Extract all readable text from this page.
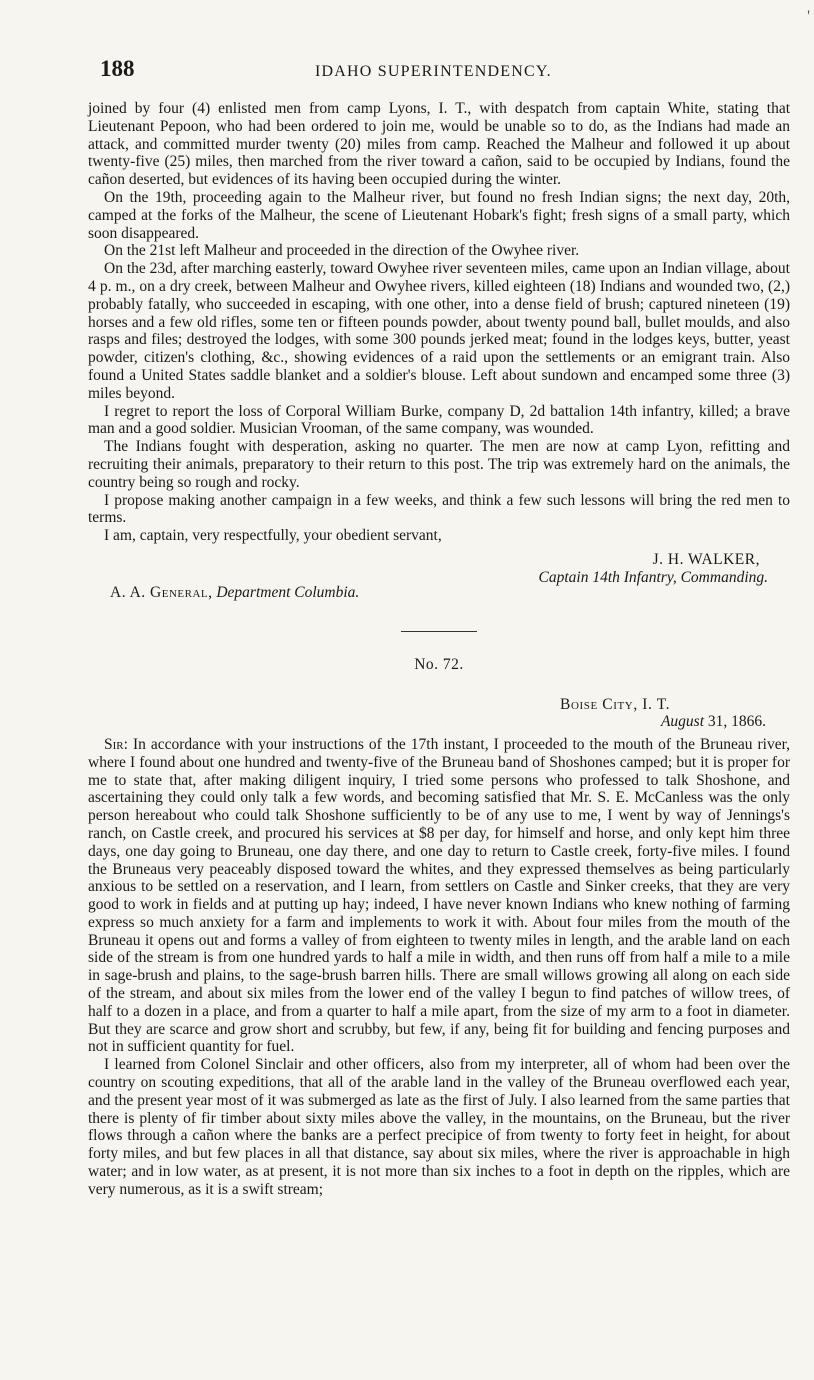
188	IDAHO SUPERINTENDENCY.
'

joined by four (4) enlisted men from camp Lyons, I. T., with despatch from captain White, stating that Lieutenant Pepoon, who had been ordered to join me, would be unable so to do, as the Indians had made an attack, and committed murder twenty (20) miles from camp. Reached the Malheur and followed it up about twenty-five (25) miles, then marched from the river toward a cañon, said to be occupied by Indians, found the cañon deserted, but evidences of its having been occupied during the winter.

On the 19th, proceeding again to the Malheur river, but found no fresh Indian signs; the next day, 20th, camped at the forks of the Malheur, the scene of Lieutenant Hobark's fight; fresh signs of a small party, which soon disappeared.

On the 21st left Malheur and proceeded in the direction of the Owyhee river.

On the 23d, after marching easterly, toward Owyhee river seventeen miles, came upon an Indian village, about 4 p. m., on a dry creek, between Malheur and Owyhee rivers, killed eighteen (18) Indians and wounded two, (2,) probably fatally, who succeeded in escaping, with one other, into a dense field of brush; captured nineteen (19) horses and a few old rifles, some ten or fifteen pounds powder, about twenty pound ball, bullet moulds, and also rasps and files; destroyed the lodges, with some 300 pounds jerked meat; found in the lodges keys, butter, yeast powder, citizen's clothing, &c., showing evidences of a raid upon the settlements or an emigrant train. Also found a United States saddle blanket and a soldier's blouse. Left about sundown and encamped some three (3) miles beyond.

I regret to report the loss of Corporal William Burke, company D, 2d battalion 14th infantry, killed; a brave man and a good soldier. Musician Vrooman, of the same company, was wounded.

The Indians fought with desperation, asking no quarter. The men are now at camp Lyon, refitting and recruiting their animals, preparatory to their return to this post. The trip was extremely hard on the animals, the country being so rough and rocky.

I propose making another campaign in a few weeks, and think a few such lessons will bring the red men to terms.

I am, captain, very respectfully, your obedient servant,

J. H. WALKER,
Captain 14th Infantry, Commanding.
A. A. General, Department Columbia.
No. 72.
Boise City, I. T.
August 31, 1866.

Sir: In accordance with your instructions of the 17th instant, I proceeded to the mouth of the Bruneau river, where I found about one hundred and twenty-five of the Bruneau band of Shoshones camped; but it is proper for me to state that, after making diligent inquiry, I tried some persons who professed to talk Shoshone, and ascertaining they could only talk a few words, and becoming satisfied that Mr. S. E. McCanless was the only person hereabout who could talk Shoshone sufficiently to be of any use to me, I went by way of Jennings's ranch, on Castle creek, and procured his services at $8 per day, for himself and horse, and only kept him three days, one day going to Bruneau, one day there, and one day to return to Castle creek, forty-five miles. I found the Bruneaus very peaceably disposed toward the whites, and they expressed themselves as being particularly anxious to be settled on a reservation, and I learn, from settlers on Castle and Sinker creeks, that they are very good to work in fields and at putting up hay; indeed, I have never known Indians who knew nothing of farming express so much anxiety for a farm and implements to work it with. About four miles from the mouth of the Bruneau it opens out and forms a valley of from eighteen to twenty miles in length, and the arable land on each side of the stream is from one hundred yards to half a mile in width, and then runs off from half a mile to a mile in sage-brush and plains, to the sage-brush barren hills. There are small willows growing all along on each side of the stream, and about six miles from the lower end of the valley I begun to find patches of willow trees, of half to a dozen in a place, and from a quarter to half a mile apart, from the size of my arm to a foot in diameter. But they are scarce and grow short and scrubby, but few, if any, being fit for building and fencing purposes and not in sufficient quantity for fuel.

I learned from Colonel Sinclair and other officers, also from my interpreter, all of whom had been over the country on scouting expeditions, that all of the arable land in the valley of the Bruneau overflowed each year, and the present year most of it was submerged as late as the first of July. I also learned from the same parties that there is plenty of fir timber about sixty miles above the valley, in the mountains, on the Bruneau, but the river flows through a cañon where the banks are a perfect precipice of from twenty to forty feet in height, for about forty miles, and but few places in all that distance, say about six miles, where the river is approachable in high water; and in low water, as at present, it is not more than six inches to a foot in depth on the ripples, which are very numerous, as it is a swift stream;
